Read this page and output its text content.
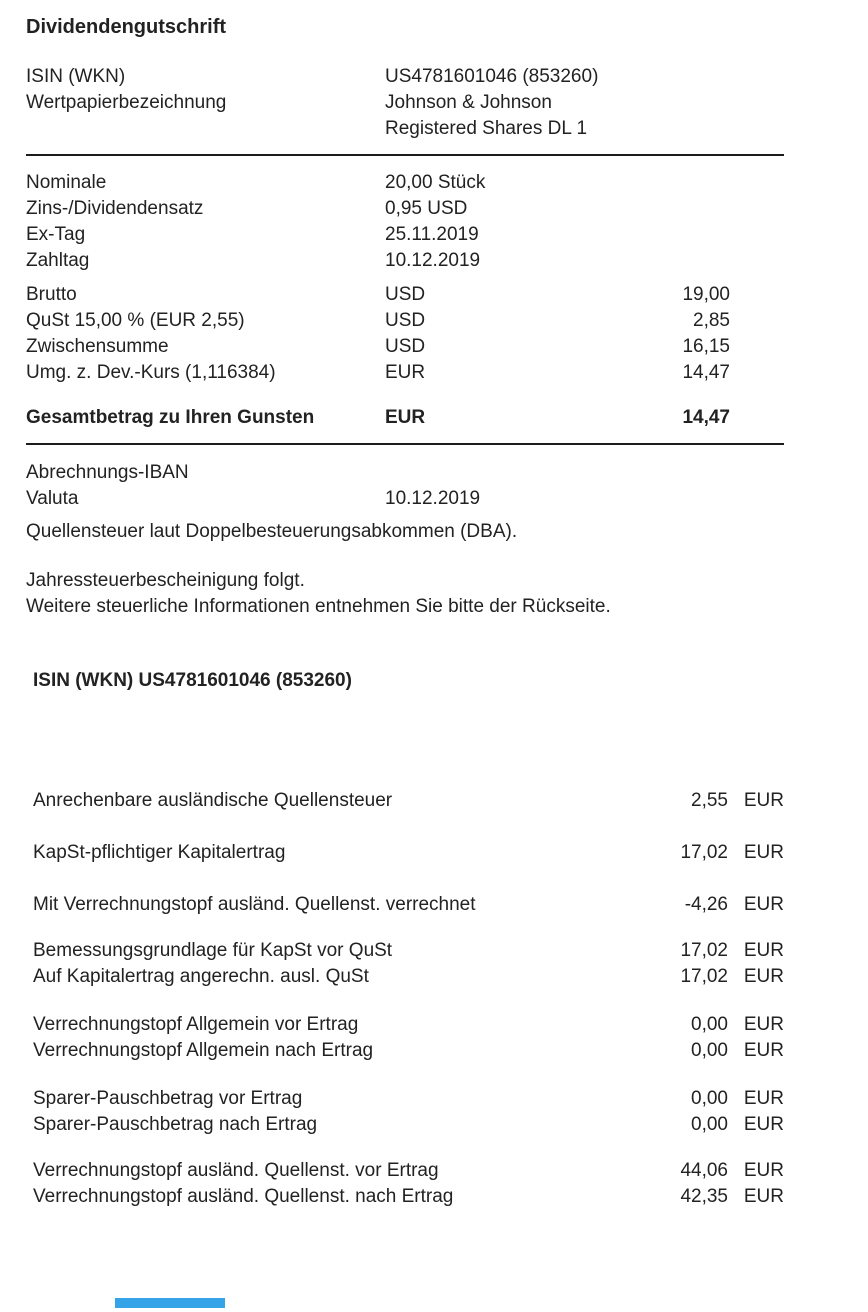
Dividendengutschrift
ISIN (WKN)	US4781601046 (853260)
Wertpapierbezeichnung	Johnson & Johnson
Registered Shares DL 1
Nominale	20,00 Stück
Zins-/Dividendensatz	0,95 USD
Ex-Tag	25.11.2019
Zahltag	10.12.2019
Brutto	USD	19,00
QuSt 15,00 % (EUR 2,55)	USD	2,85
Zwischensumme	USD	16,15
Umg. z. Dev.-Kurs (1,116384)	EUR	14,47
Gesamtbetrag zu Ihren Gunsten	EUR	14,47
Abrechnungs-IBAN
Valuta	10.12.2019
Quellensteuer laut Doppelbesteuerungsabkommen (DBA).
Jahressteuerbescheinigung folgt.
Weitere steuerliche Informationen entnehmen Sie bitte der Rückseite.
ISIN (WKN) US4781601046 (853260)
Anrechenbare ausländische Quellensteuer	2,55 EUR
KapSt-pflichtiger Kapitalertrag	17,02 EUR
Mit Verrechnungstopf ausländ. Quellenst. verrechnet	-4,26 EUR
Bemessungsgrundlage für KapSt vor QuSt	17,02 EUR
Auf Kapitalertrag angerechn. ausl. QuSt	17,02 EUR
Verrechnungstopf Allgemein vor Ertrag	0,00 EUR
Verrechnungstopf Allgemein nach Ertrag	0,00 EUR
Sparer-Pauschbetrag vor Ertrag	0,00 EUR
Sparer-Pauschbetrag nach Ertrag	0,00 EUR
Verrechnungstopf ausländ. Quellenst. vor Ertrag	44,06 EUR
Verrechnungstopf ausländ. Quellenst. nach Ertrag	42,35 EUR
